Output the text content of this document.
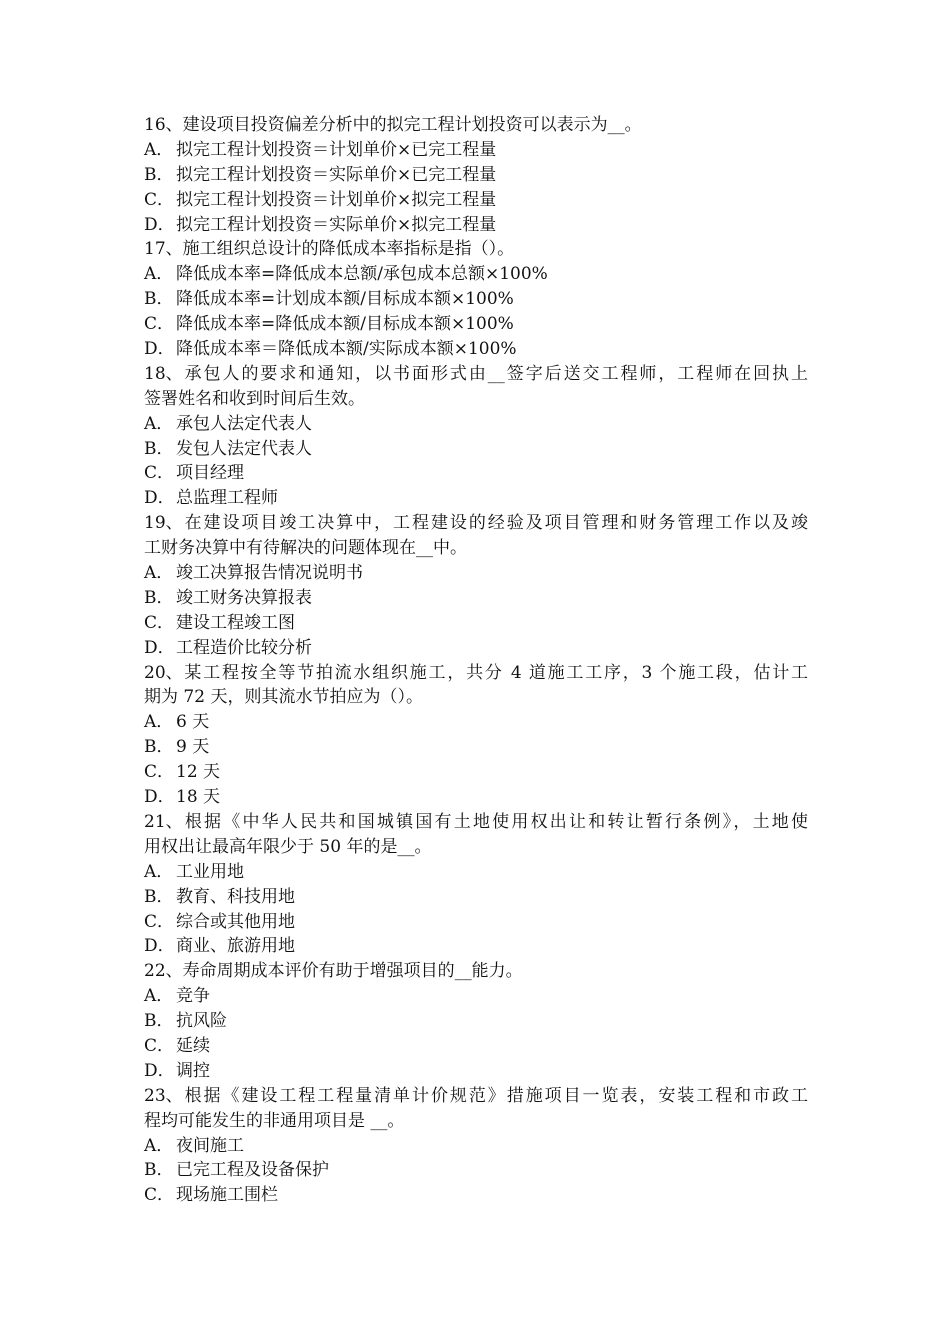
16、建设项目投资偏差分析中的拟完工程计划投资可以表示为__。
A． 拟完工程计划投资＝计划单价×已完工程量
B． 拟完工程计划投资＝实际单价×已完工程量
C． 拟完工程计划投资＝计划单价×拟完工程量
D．拟完工程计划投资＝实际单价×拟完工程量
17、施工组织总设计的降低成本率指标是指（）。
A． 降低成本率=降低成本总额/承包成本总额×100%
B． 降低成本率=计划成本额/目标成本额×100%
C． 降低成本率=降低成本额/目标成本额×100%
D．降低成本率＝降低成本额/实际成本额×100%
18、承包人的要求和通知，以书面形式由__签字后送交工程师，工程师在回执上
签署姓名和收到时间后生效。
A． 承包人法定代表人
B． 发包人法定代表人
C． 项目经理
D．总监理工程师
19、在建设项目竣工决算中，工程建设的经验及项目管理和财务管理工作以及竣
工财务决算中有待解决的问题体现在__中。
A． 竣工决算报告情况说明书
B． 竣工财务决算报表
C． 建设工程竣工图
D．工程造价比较分析
20、某工程按全等节拍流水组织施工，共分 4 道施工工序，3 个施工段，估计工
期为 72 天，则其流水节拍应为（）。
A． 6 天
B． 9 天
C． 12 天
D．18 天
21、根据《中华人民共和国城镇国有土地使用权出让和转让暂行条例》，土地使
用权出让最高年限少于 50 年的是__。
A． 工业用地
B． 教育、科技用地
C． 综合或其他用地
D．商业、旅游用地
22、寿命周期成本评价有助于增强项目的__能力。
A． 竞争
B． 抗风险
C． 延续
D．调控
23、根据《建设工程工程量清单计价规范》措施项目一览表，安装工程和市政工
程均可能发生的非通用项目是 __。
A． 夜间施工
B． 已完工程及设备保护
C． 现场施工围栏
